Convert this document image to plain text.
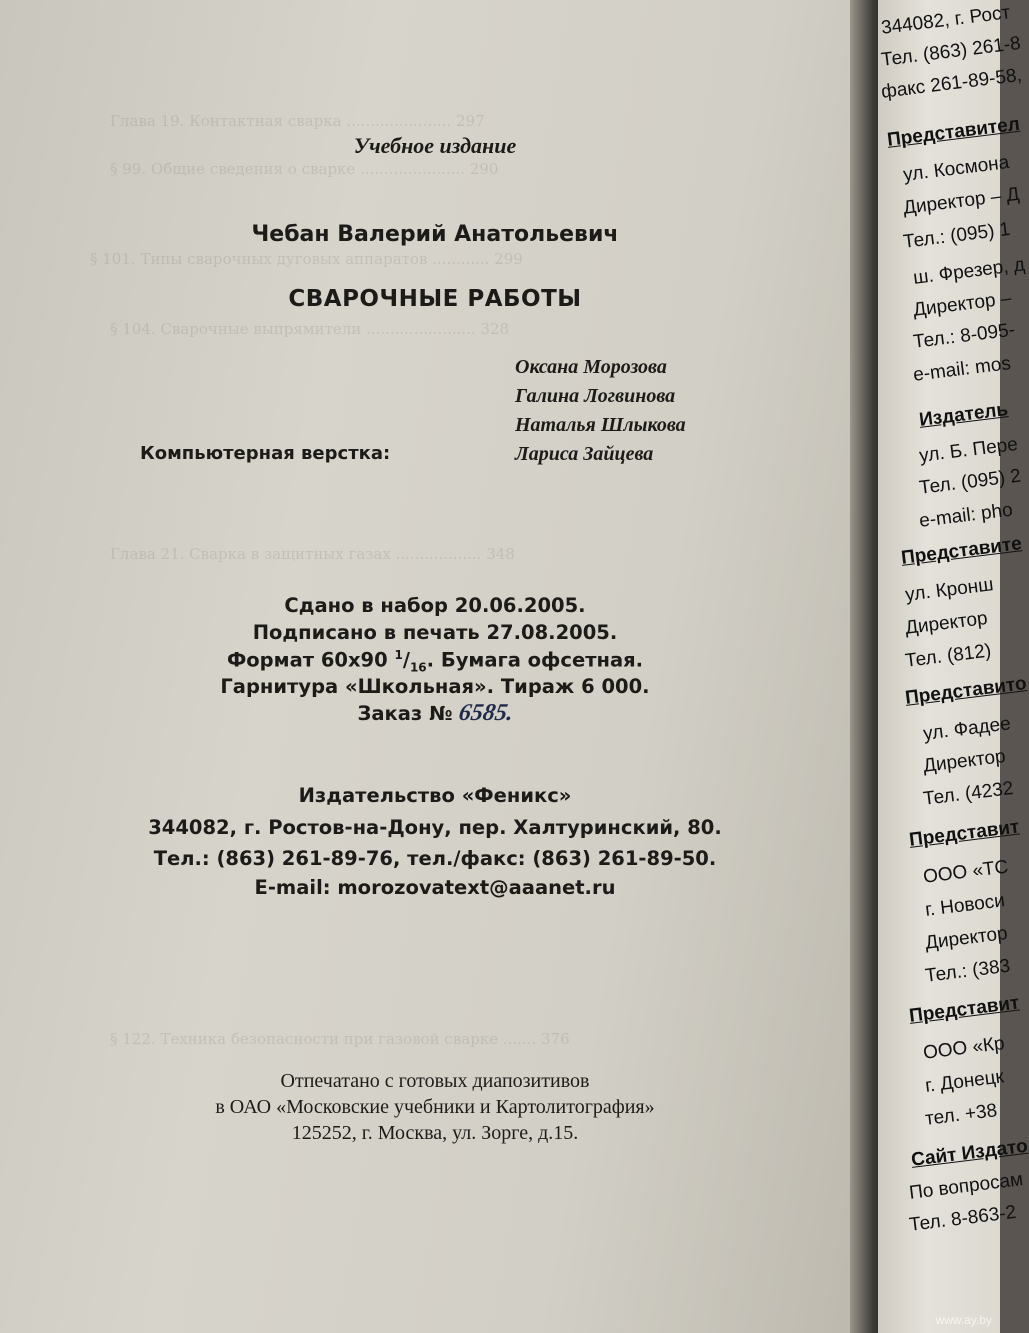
Глава 19. Контактная сварка ...................... 297
§ 99. Общие сведения о сварке ...................... 290
§ 101. Типы сварочных дуговых аппаратов ............ 299
§ 104. Сварочные выпрямители ....................... 328
Глава 21. Сварка в защитных газах .................. 348
§ 122. Техника безопасности при газовой сварке ....... 376
Учебное издание
Чебан Валерий Анатольевич
СВАРОЧНЫЕ РАБОТЫ
Оксана Морозова
Галина Логвинова
Наталья Шлыкова
Компьютерная верстка:	Лариса Зайцева
Сдано в набор 20.06.2005.
Подписано в печать 27.08.2005.
Формат 60х90 $^1/_{16}$. Бумага офсетная.
Гарнитура «Школьная». Тираж 6 000.
Заказ № 6585.
Издательство «Феникс»
344082, г. Ростов-на-Дону, пер. Халтуринский, 80.
Тел.: (863) 261-89-76, тел./факс: (863) 261-89-50.
E-mail: morozovatext@aaanet.ru
Отпечатано с готовых диапозитивов
в ОАО «Московские учебники и Картолитография»
125252, г. Москва, ул. Зорге, д.15.
344082, г. Рост
Тел. (863) 261-8
факс 261-89-58,
Представител
ул. Космона
Директор – Д
Тел.: (095) 1
ш. Фрезер, д
Директор –
Тел.: 8-095-
e-mail: mos
Издатель
ул. Б. Пере
Тел. (095) 2
e-mail: pho
Представите
ул. Кронш
Директор
Тел. (812)
Представито
ул. Фадее
Директор
Тел. (4232
Представит
ООО «ТС
г. Новоси
Директор
Тел.: (383
Представит
ООО «Кр
г. Донецк
тел. +38
Сайт Издато
По вопросам
Тел. 8-863-2
www.ay.by
